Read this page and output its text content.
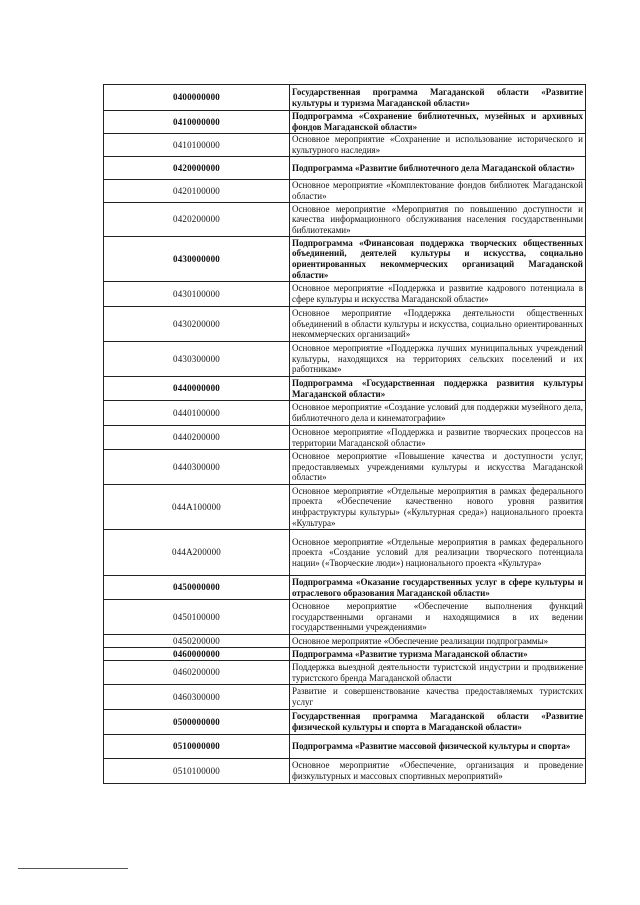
0400000000	Государственная программа Магаданской области «Развитие культуры и туризма Магаданской области»
0410000000	Подпрограмма «Сохранение библиотечных, музейных и архивных фондов Магаданской области»
0410100000	Основное мероприятие «Сохранение и использование исторического и культурного наследия»
0420000000	Подпрограмма «Развитие библиотечного дела Магаданской области»
0420100000	Основное мероприятие «Комплектование фондов библиотек Магаданской области»
0420200000	Основное мероприятие «Мероприятия по повышению доступности и качества информационного обслуживания населения государственными библиотеками»
0430000000	Подпрограмма «Финансовая поддержка творческих общественных объединений, деятелей культуры и искусства, социально ориентированных некоммерческих организаций Магаданской области»
0430100000	Основное мероприятие «Поддержка и развитие кадрового потенциала в сфере культуры и искусства Магаданской области»
0430200000	Основное мероприятие «Поддержка деятельности общественных объединений в области культуры и искусства, социально ориентированных некоммерческих организаций»
0430300000	Основное мероприятие «Поддержка лучших муниципальных учреждений культуры, находящихся на территориях сельских поселений и их работникам»
0440000000	Подпрограмма «Государственная поддержка развития культуры Магаданской области»
0440100000	Основное мероприятие «Создание условий для поддержки музейного дела, библиотечного дела и кинематографии»
0440200000	Основное мероприятие «Поддержка и развитие творческих процессов на территории Магаданской области»
0440300000	Основное мероприятие «Повышение качества и доступности услуг, предоставляемых учреждениями культуры и искусства Магаданской области»
044A100000	Основное мероприятие «Отдельные мероприятия в рамках федерального проекта «Обеспечение качественно нового уровня развития инфраструктуры культуры» («Культурная среда») национального проекта «Культура»
044A200000	Основное мероприятие «Отдельные мероприятия в рамках федерального проекта «Создание условий для реализации творческого потенциала нации» («Творческие люди») национального проекта «Культура»
0450000000	Подпрограмма «Оказание государственных услуг в сфере культуры и отраслевого образования Магаданской области»
0450100000	Основное мероприятие «Обеспечение выполнения функций государственными органами и находящимися в их ведении государственными учреждениями»
0450200000	Основное мероприятие «Обеспечение реализации подпрограммы»
0460000000	Подпрограмма «Развитие туризма Магаданской области»
0460200000	Поддержка выездной деятельности туристской индустрии и продвижение туристского бренда Магаданской области
0460300000	Развитие и совершенствование качества предоставляемых туристских услуг
0500000000	Государственная программа Магаданской области «Развитие физической культуры и спорта в Магаданской области»
0510000000	Подпрограмма «Развитие массовой физической культуры и спорта»
0510100000	Основное мероприятие «Обеспечение, организация и проведение физкультурных и массовых спортивных мероприятий»
